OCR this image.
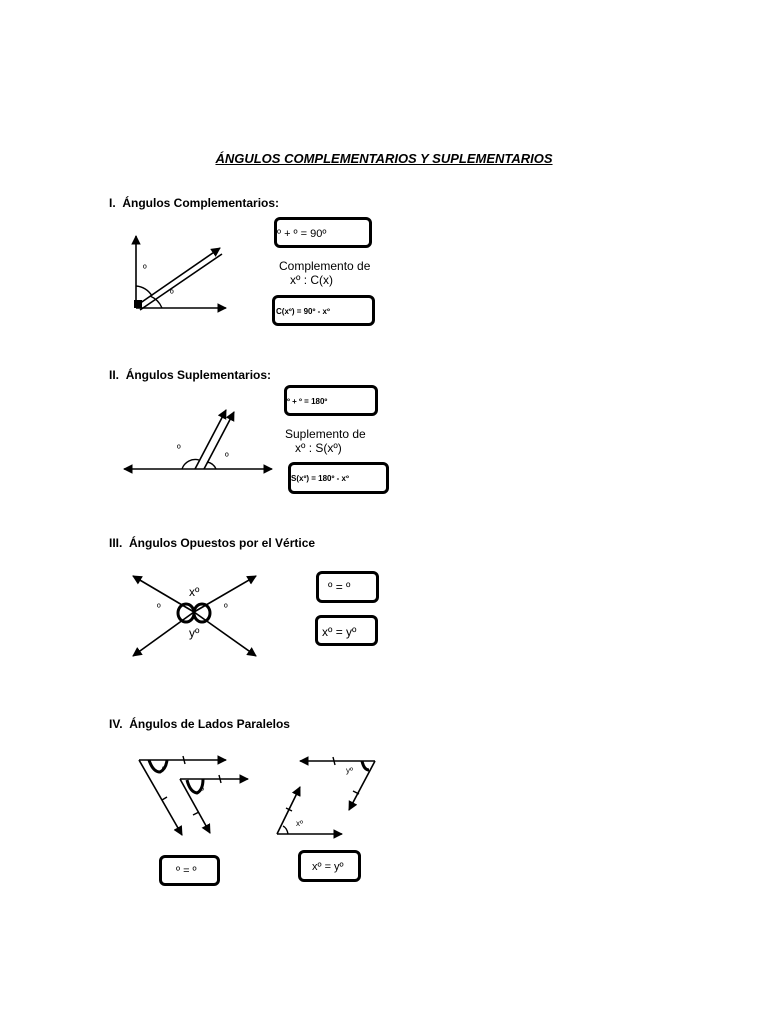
ÁNGULOS COMPLEMENTARIOS Y SUPLEMENTARIOS
I. Ángulos Complementarios:
º
º
º + º = 90º
Complemento de
xº : C(x)
C(xº) = 90º - xº
II. Ángulos Suplementarios:
º
º
º + º = 180º
Suplemento de
xº : S(xº)
S(xº) = 180º - xº
III. Ángulos Opuestos por el Vértice
xº
yº
º	º
º = º
xº = yº
IV. Ángulos de Lados Paralelos
º
º
yº
xº
º = º	xº = yº
